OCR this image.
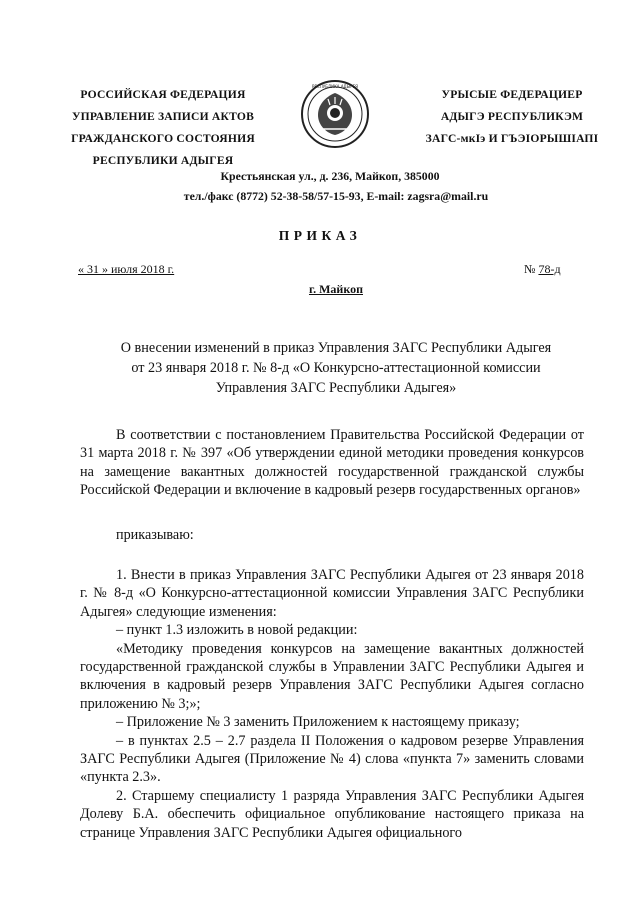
РОССИЙСКАЯ ФЕДЕРАЦИЯ
УПРАВЛЕНИЕ ЗАПИСИ АКТОВ
ГРАЖДАНСКОГО СОСТОЯНИЯ
РЕСПУБЛИКИ АДЫГЕЯ
РЕСПУБЛИКА АДЫГЕЯ
УРЫСЫЕ ФЕДЕРАЦИЕР
АДЫГЭ РЕСПУБЛИКЭМ
ЗАГС-мкIэ И ГЪЭIОРЫШIАПI
Крестьянская ул., д. 236, Майкоп, 385000
тел./факс (8772) 52-38-58/57-15-93, E-mail: zagsra@mail.ru
ПРИКАЗ
« 31 » июля 2018 г.	№ 78-д
г. Майкоп
О внесении изменений в приказ Управления ЗАГС Республики Адыгея
от 23 января 2018 г. № 8-д «О Конкурсно-аттестационной комиссии
Управления ЗАГС Республики Адыгея»

В соответствии с постановлением Правительства Российской Федерации от 31 марта 2018 г. № 397 «Об утверждении единой методики проведения конкурсов на замещение вакантных должностей государственной гражданской службы Российской Федерации и включение в кадровый резерв государственных органов»

приказываю:

1. Внести в приказ Управления ЗАГС Республики Адыгея от 23 января 2018 г. № 8-д «О Конкурсно-аттестационной комиссии Управления ЗАГС Республики Адыгея» следующие изменения:

– пункт 1.3 изложить в новой редакции:

«Методику проведения конкурсов на замещение вакантных должностей государственной гражданской службы в Управлении ЗАГС Республики Адыгея и включения в кадровый резерв Управления ЗАГС Республики Адыгея согласно приложению № 3;»;

– Приложение № 3 заменить Приложением к настоящему приказу;

– в пунктах 2.5 – 2.7 раздела II Положения о кадровом резерве Управления ЗАГС Республики Адыгея (Приложение № 4) слова «пункта 7» заменить словами «пункта 2.3».

2. Старшему специалисту 1 разряда Управления ЗАГС Республики Адыгея Долеву Б.А. обеспечить официальное опубликование настоящего приказа на странице Управления ЗАГС Республики Адыгея официального
